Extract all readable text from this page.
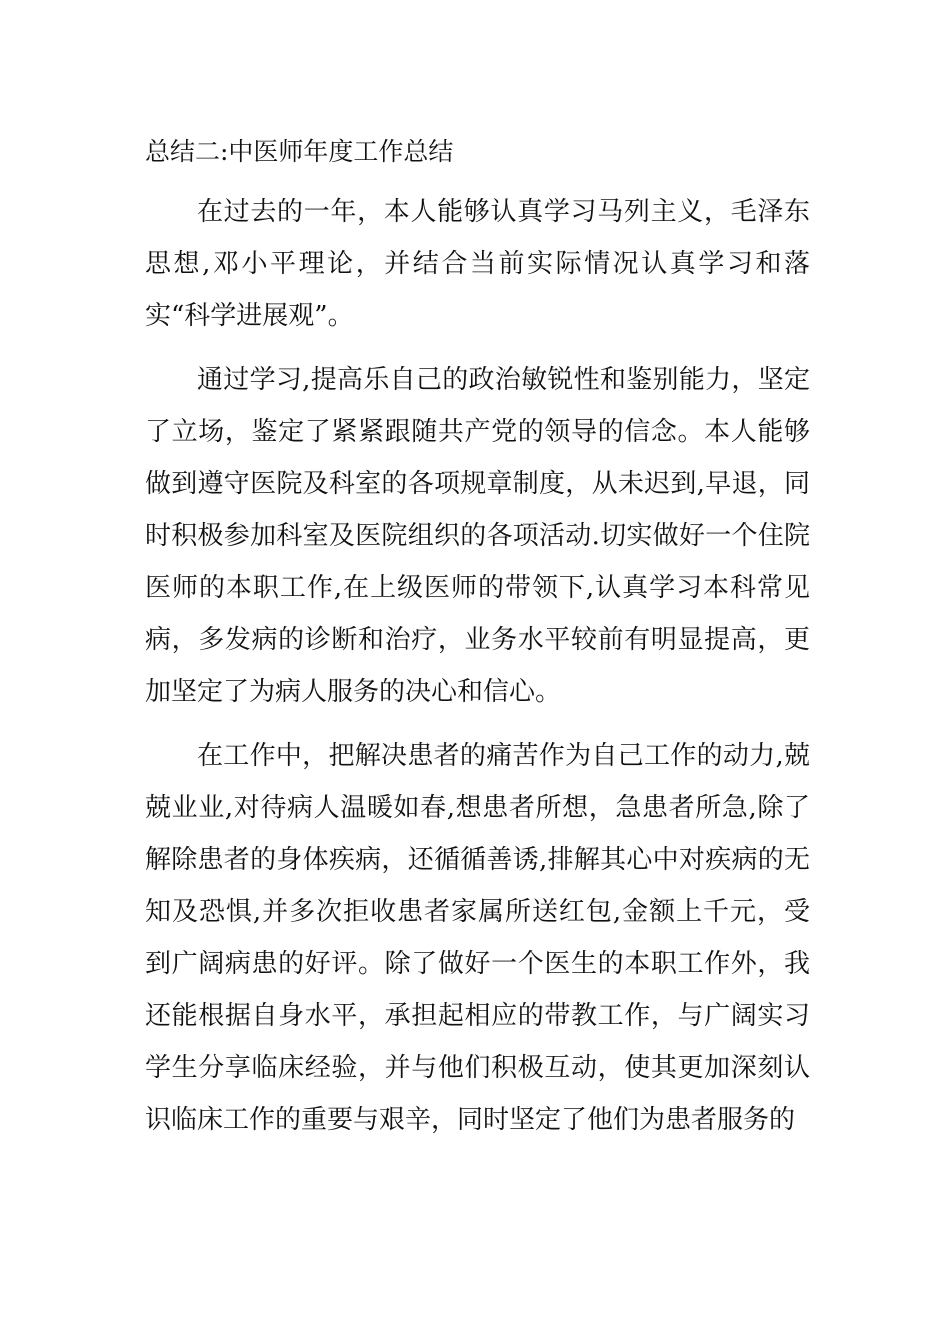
总结二:中医师年度工作总结

在过去的一年，本人能够认真学习马列主义，毛泽东思想,邓小平理论，并结合当前实际情况认真学习和落实“科学进展观”。

通过学习,提高乐自己的政治敏锐性和鉴别能力，坚定了立场，鉴定了紧紧跟随共产党的领导的信念。本人能够做到遵守医院及科室的各项规章制度，从未迟到,早退，同时积极参加科室及医院组织的各项活动.切实做好一个住院医师的本职工作,在上级医师的带领下,认真学习本科常见病，多发病的诊断和治疗，业务水平较前有明显提高，更加坚定了为病人服务的决心和信心。

在工作中，把解决患者的痛苦作为自己工作的动力,兢兢业业,对待病人温暖如春,想患者所想，急患者所急,除了解除患者的身体疾病，还循循善诱,排解其心中对疾病的无知及恐惧,并多次拒收患者家属所送红包,金额上千元，受到广阔病患的好评。除了做好一个医生的本职工作外，我还能根据自身水平，承担起相应的带教工作，与广阔实习学生分享临床经验，并与他们积极互动，使其更加深刻认识临床工作的重要与艰辛，同时坚定了他们为患者服务的
